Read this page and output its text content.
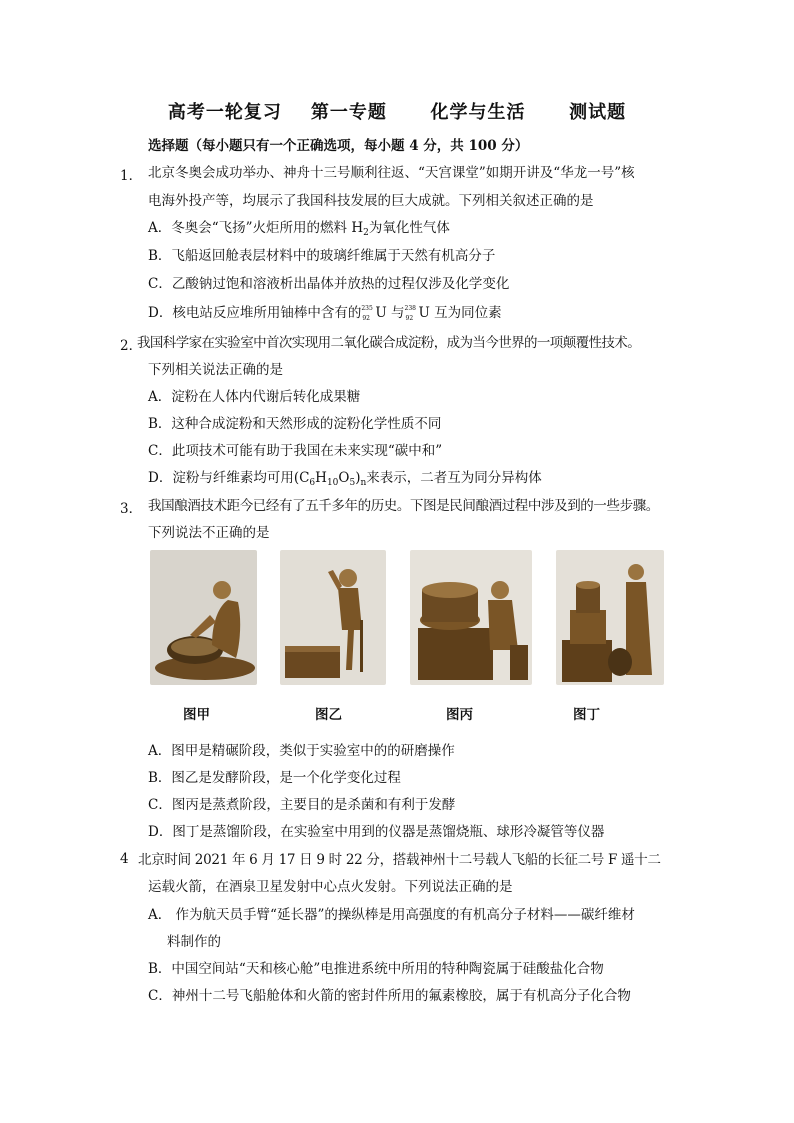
高考一轮复习    第一专题      化学与生活      测试题
选择题（每小题只有一个正确选项，每小题 4 分，共 100 分）
1． 北京冬奥会成功举办、神舟十三号顺利往返、“天宫课堂”如期开讲及“华龙一号”核
电海外投产等，均展示了我国科技发展的巨大成就。下列相关叙述正确的是
A．冬奥会“飞扬”火炬所用的燃料 $H_2$为氧化性气体
B．飞船返回舱表层材料中的玻璃纤维属于天然有机高分子
C．乙酸钠过饱和溶液析出晶体并放热的过程仅涉及化学变化
D．核电站反应堆所用铀棒中含有的 235
92 U 与 238
92 U 互为同位素
2．
我国科学家在实验室中首次实现用二氧化碳合成淀粉，成为当今世界的一项颠覆性技术。
下列相关说法正确的是
A．淀粉在人体内代谢后转化成果糖
B．这种合成淀粉和天然形成的淀粉化学性质不同
C．此项技术可能有助于我国在未来实现“碳中和”
D．淀粉与纤维素均可用$(C_6H_{10}O_5)_n$来表示，二者互为同分异构体
3． 我国酿酒技术距今已经有了五千多年的历史。下图是民间酿酒过程中涉及到的一些步骤。
下列说法不正确的是
图甲	图乙	图丙	图丁
A．图甲是精碾阶段，类似于实验室中的的研磨操作
B．图乙是发酵阶段，是一个化学变化过程
C．图丙是蒸煮阶段，主要目的是杀菌和有利于发酵
D．图丁是蒸馏阶段，在实验室中用到的仪器是蒸馏烧瓶、球形冷凝管等仪器
4 北京时间 2021 年 6 月 17 日 9 时 22 分，搭载神州十二号载人飞船的长征二号 F 遥十二
运载火箭，在酒泉卫星发射中心点火发射。下列说法正确的是
A． 作为航天员手臂“延长器”的操纵棒是用高强度的有机高分子材料——碳纤维材
料制作的
B．中国空间站“天和核心舱”电推进系统中所用的特种陶瓷属于硅酸盐化合物
C．神州十二号飞船舱体和火箭的密封件所用的氟素橡胶，属于有机高分子化合物
